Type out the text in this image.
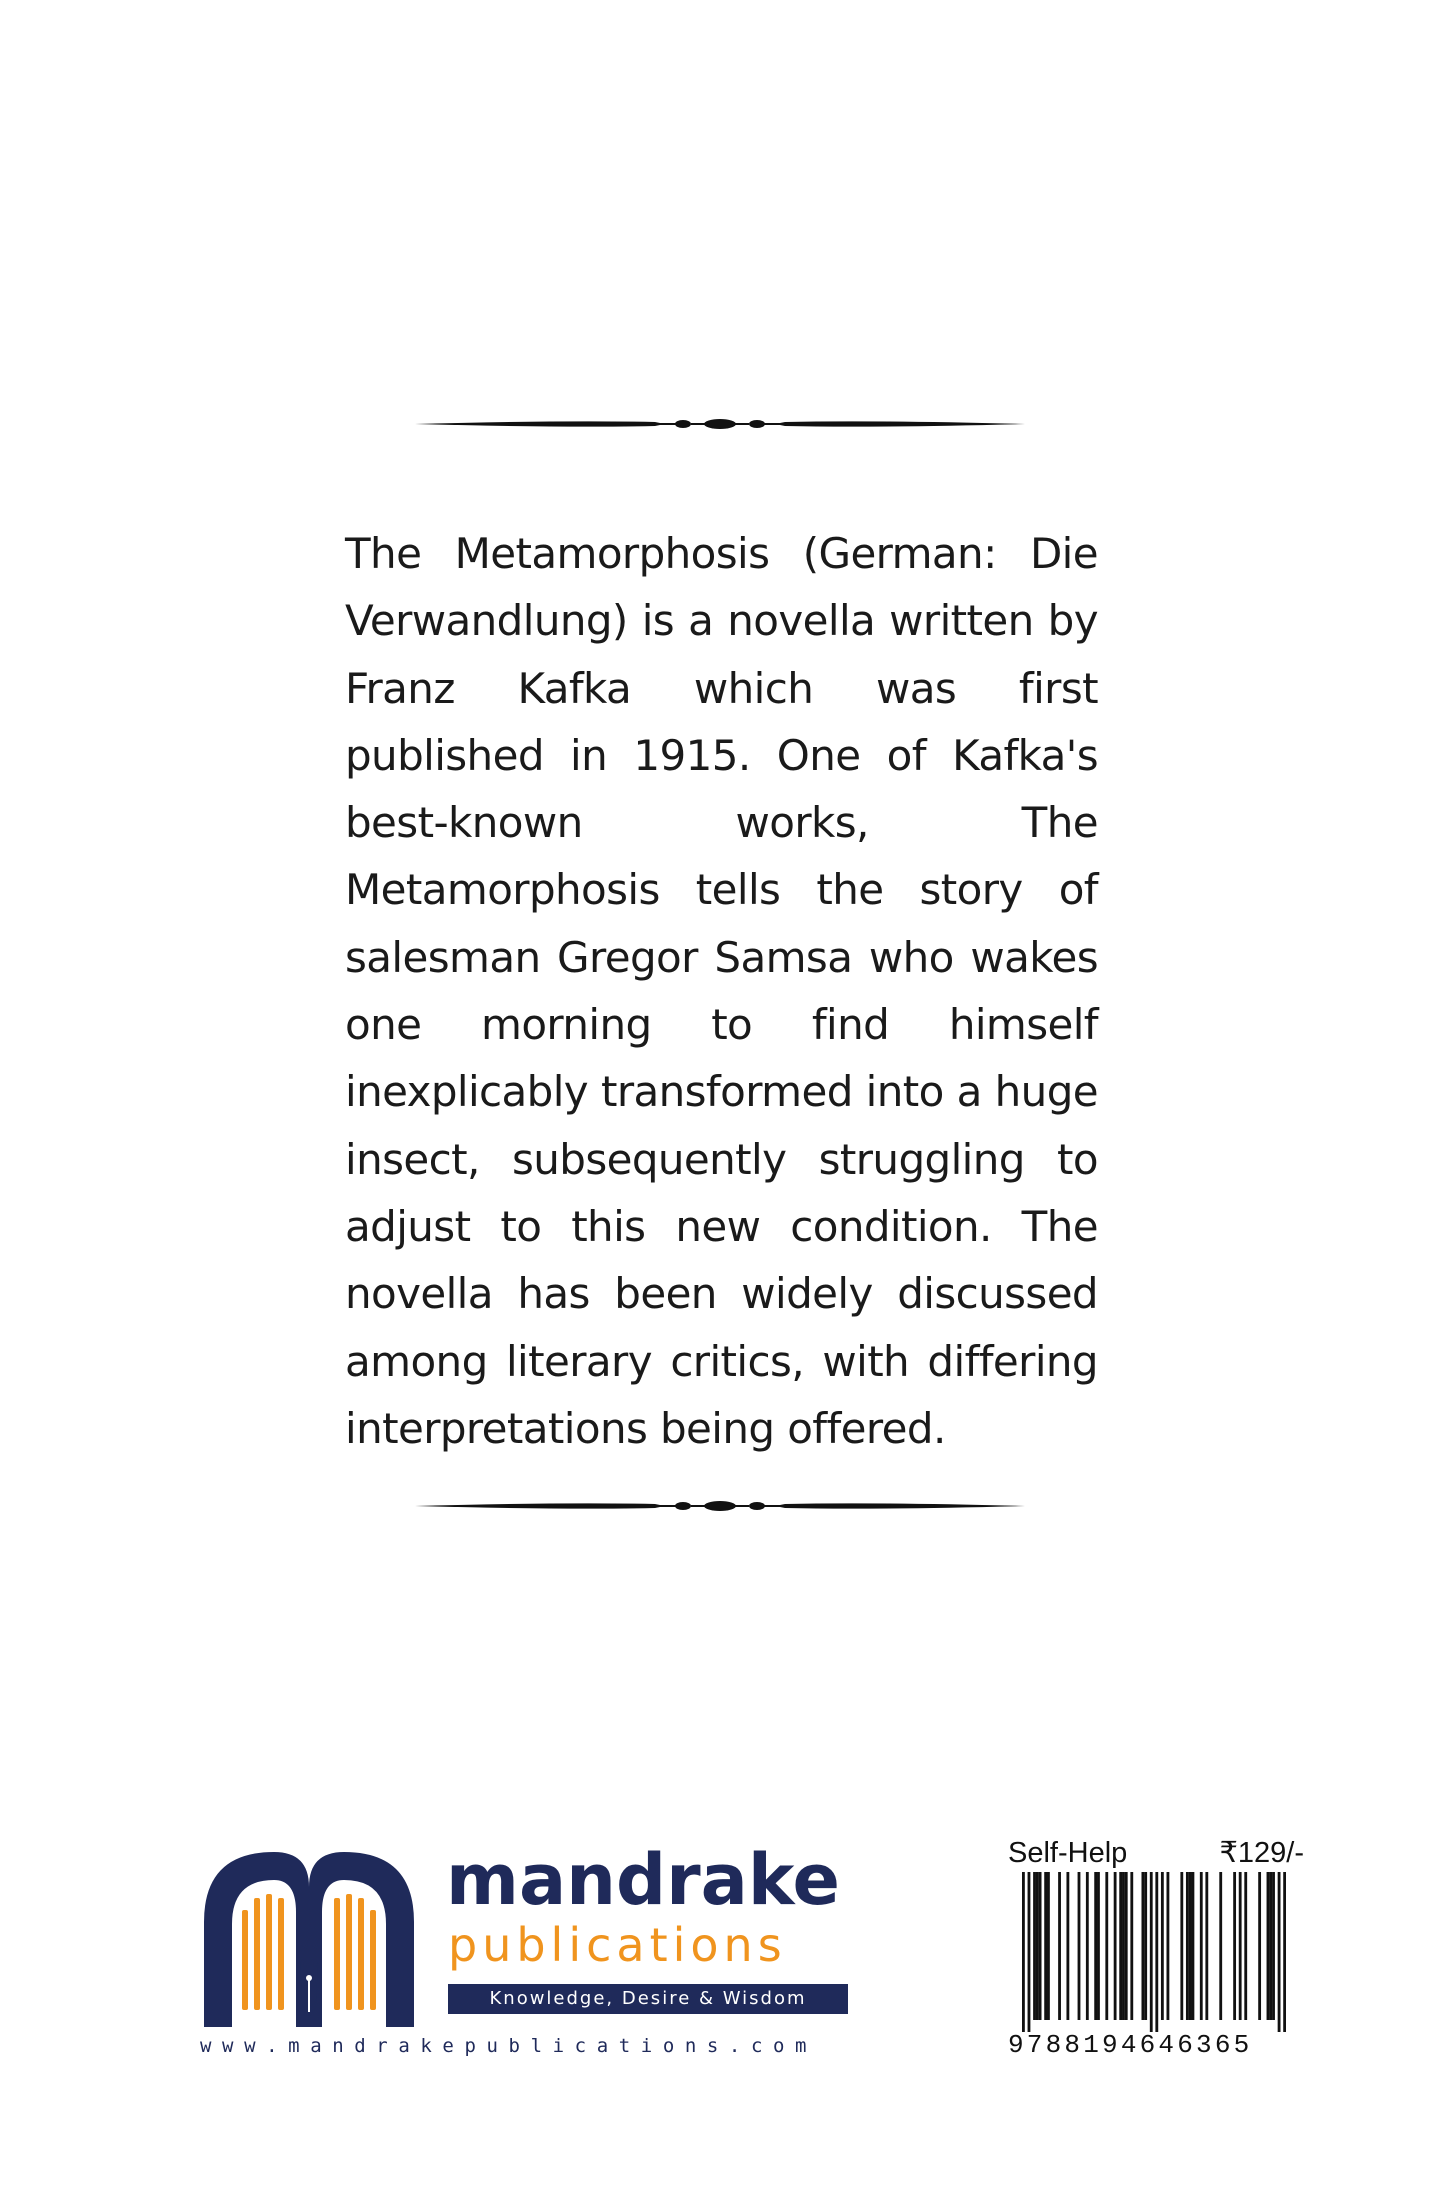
The Metamorphosis (German: Die Verwandlung) is a novella written by Franz Kafka which was first published in 1915. One of Kafka's best-known works, The Metamorphosis tells the story of salesman Gregor Samsa who wakes one morning to find himself inexplicably transformed into a huge insect, subsequently struggling to adjust to this new condition. The novella has been widely discussed among literary critics, with differing interpretations being offered.

mandrake
publications
Knowledge, Desire & Wisdom
www.mandrakepublications.com
Self-Help	₹129/-
9788194646365
